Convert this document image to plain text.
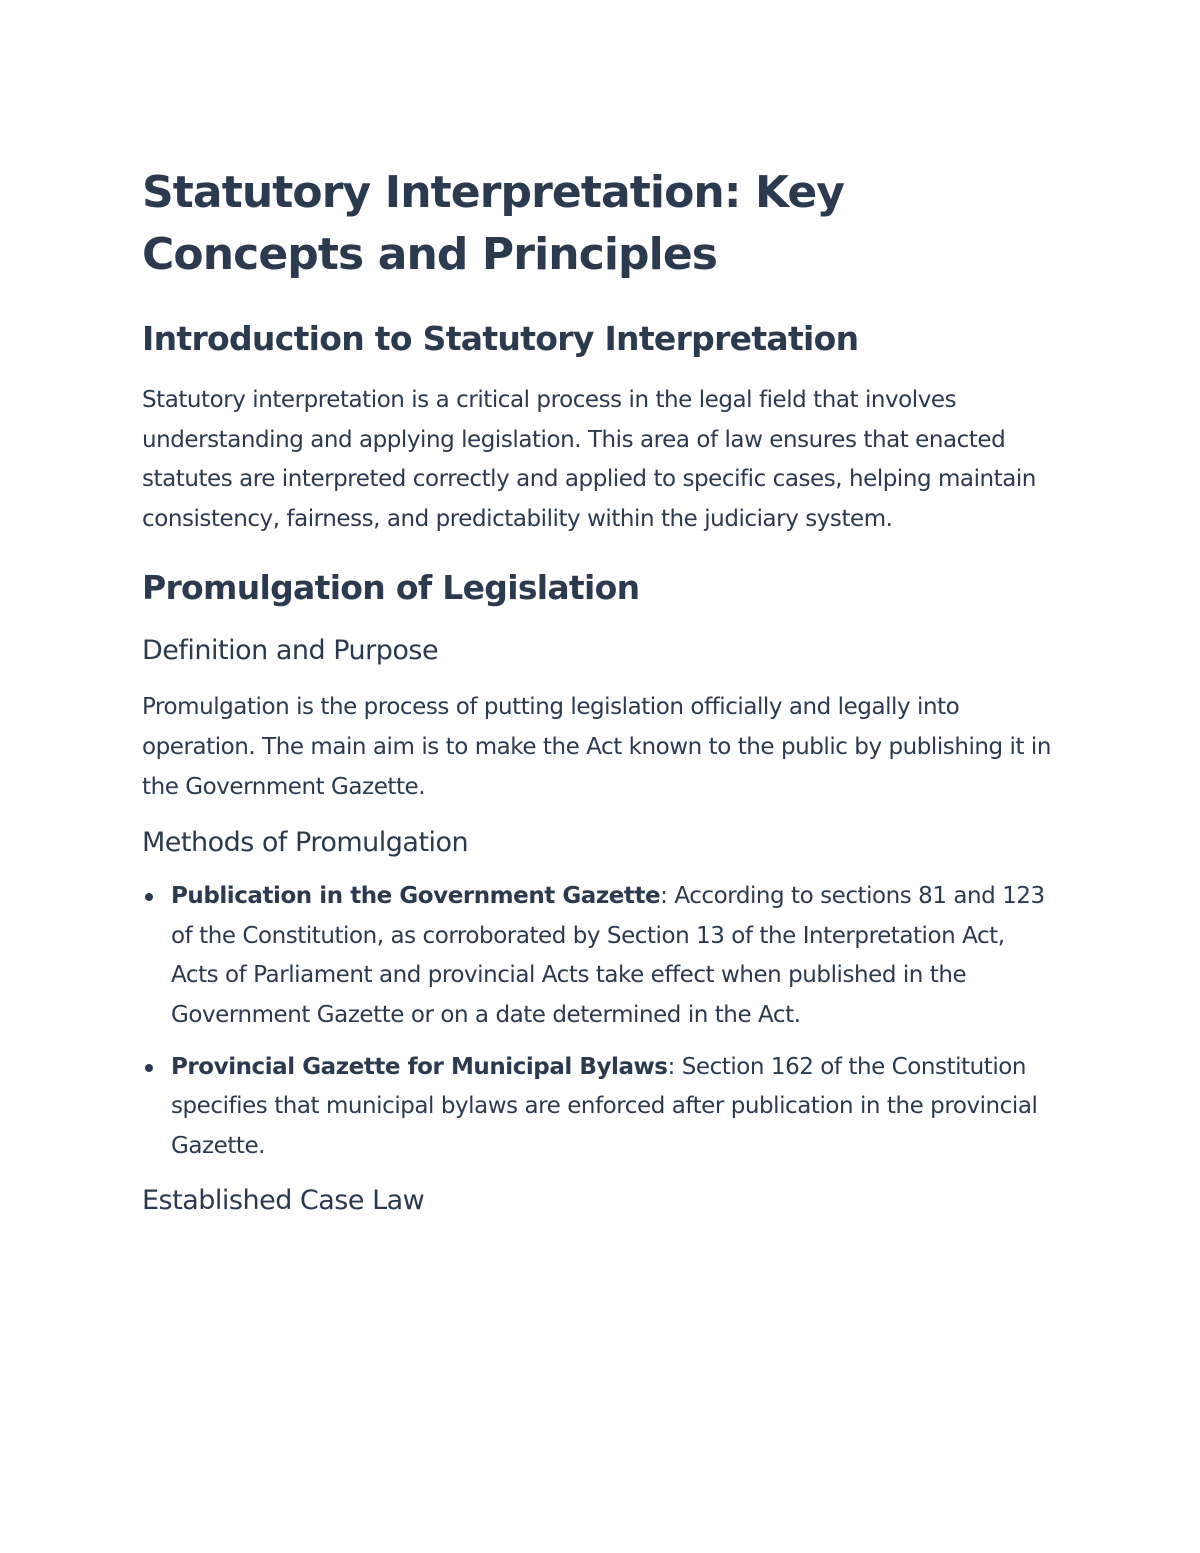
Statutory Interpretation: Key Concepts and Principles
Introduction to Statutory Interpretation

Statutory interpretation is a critical process in the legal field that involves understanding and applying legislation. This area of law ensures that enacted statutes are interpreted correctly and applied to specific cases, helping maintain consistency, fairness, and predictability within the judiciary system.

Promulgation of Legislation
Definition and Purpose

Promulgation is the process of putting legislation officially and legally into operation. The main aim is to make the Act known to the public by publishing it in the Government Gazette.

Methods of Promulgation
Publication in the Government Gazette: According to sections 81 and 123 of the Constitution, as corroborated by Section 13 of the Interpretation Act, Acts of Parliament and provincial Acts take effect when published in the Government Gazette or on a date determined in the Act.
Provincial Gazette for Municipal Bylaws: Section 162 of the Constitution specifies that municipal bylaws are enforced after publication in the provincial Gazette.
Established Case Law
